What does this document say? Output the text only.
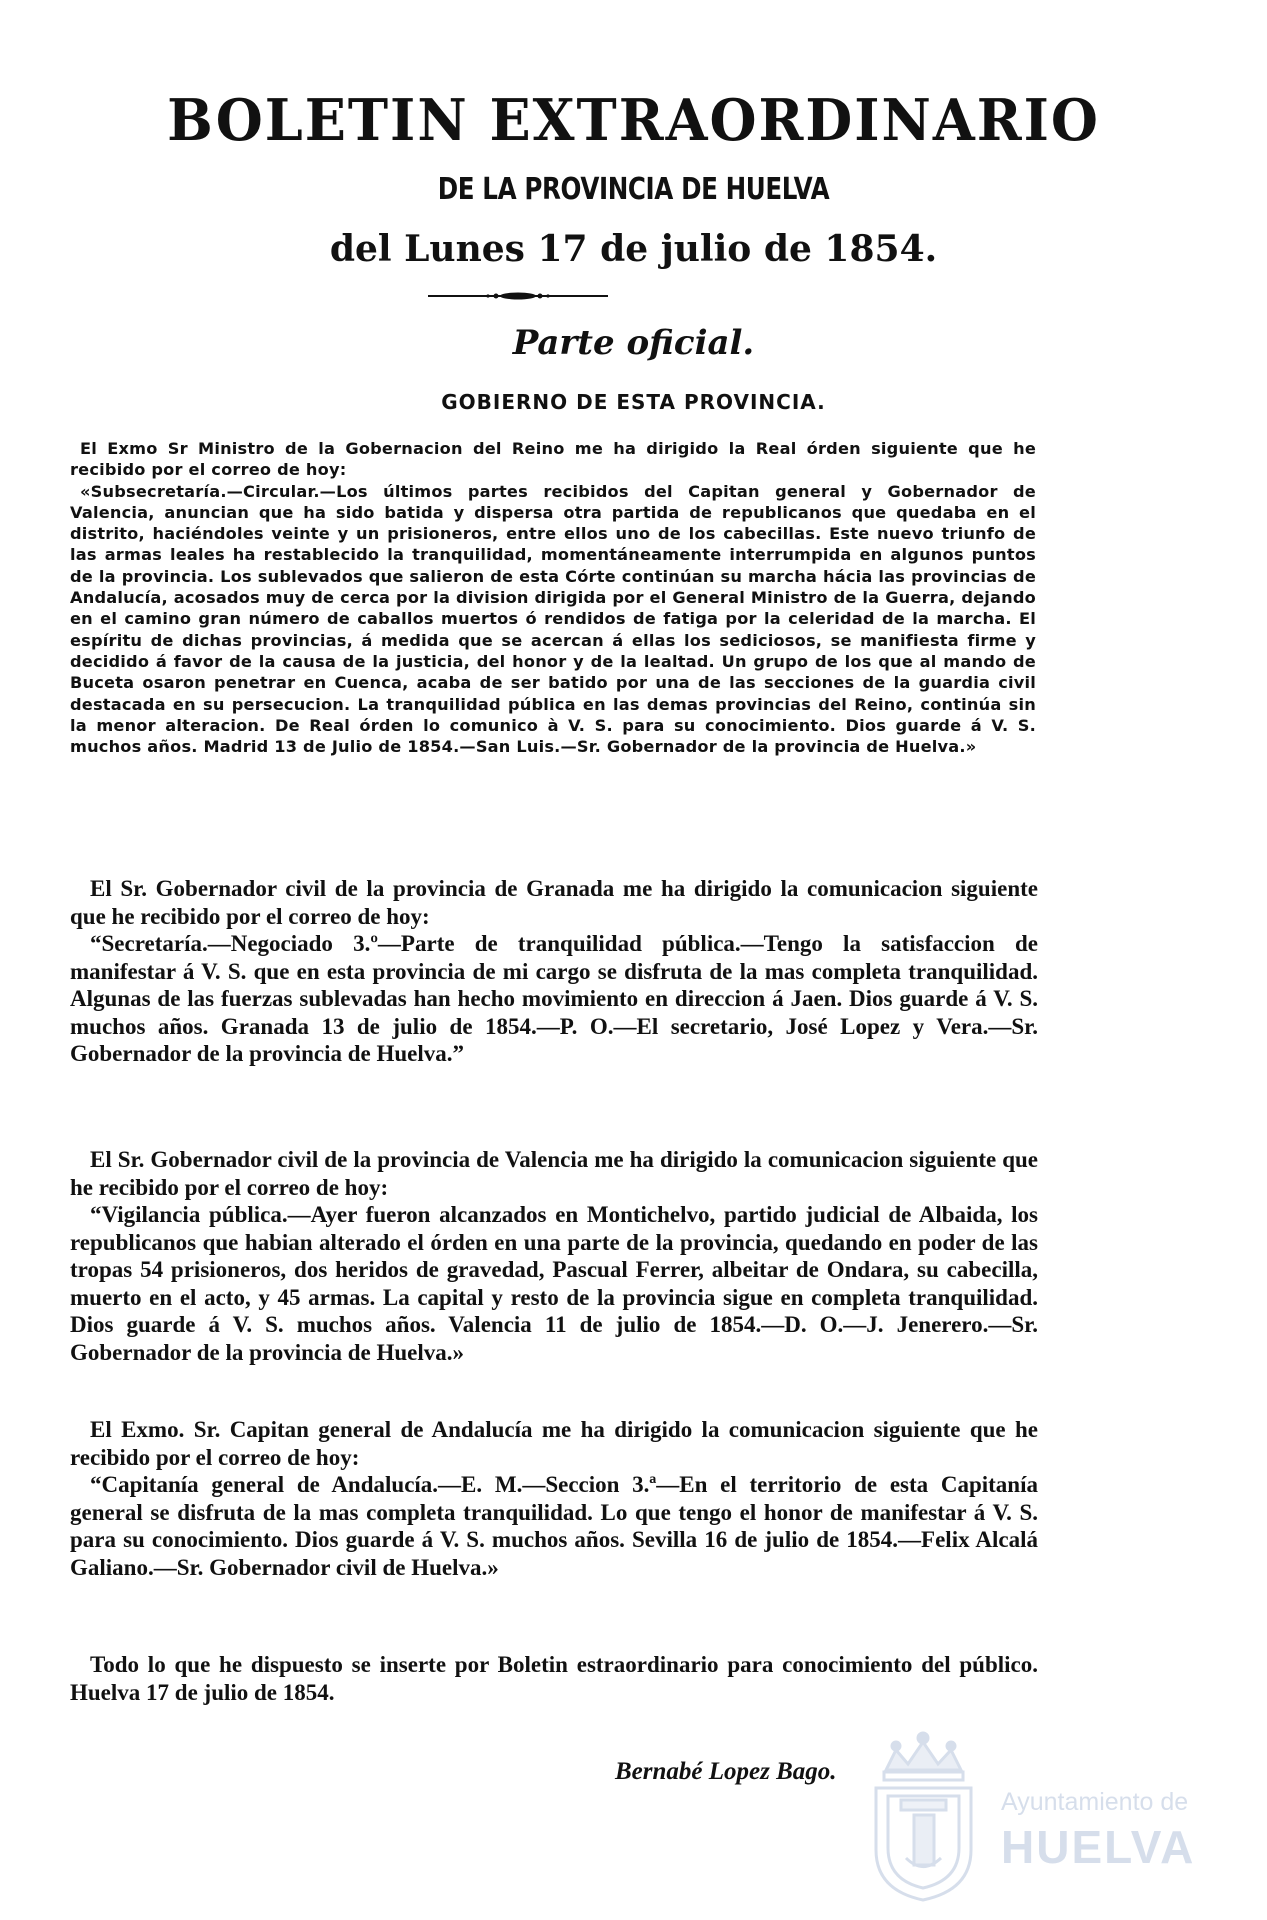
BOLETIN EXTRAORDINARIO
DE LA PROVINCIA DE HUELVA
del Lunes 17 de julio de 1854.
Parte oficial.
GOBIERNO DE ESTA PROVINCIA.

El Exmo Sr Ministro de la Gobernacion del Reino me ha dirigido la Real órden siguiente que he recibido por el correo de hoy:

«Subsecretaría.—Circular.—Los últimos partes recibidos del Capitan general y Gobernador de Valencia, anuncian que ha sido batida y dispersa otra partida de republicanos que quedaba en el distrito, haciéndoles veinte y un prisioneros, entre ellos uno de los cabecillas. Este nuevo triunfo de las armas leales ha restablecido la tranquilidad, momentáneamente interrumpida en algunos puntos de la provincia. Los sublevados que salieron de esta Córte continúan su marcha hácia las provincias de Andalucía, acosados muy de cerca por la division dirigida por el General Ministro de la Guerra, dejando en el camino gran número de caballos muertos ó rendidos de fatiga por la celeridad de la marcha. El espíritu de dichas provincias, á medida que se acercan á ellas los sediciosos, se manifiesta firme y decidido á favor de la causa de la justicia, del honor y de la lealtad. Un grupo de los que al mando de Buceta osaron penetrar en Cuenca, acaba de ser batido por una de las secciones de la guardia civil destacada en su persecucion. La tranquilidad pública en las demas provincias del Reino, continúa sin la menor alteracion. De Real órden lo comunico à V. S. para su conocimiento. Dios guarde á V. S. muchos años. Madrid 13 de Julio de 1854.—San Luis.—Sr. Gobernador de la provincia de Huelva.»

El Sr. Gobernador civil de la provincia de Granada me ha dirigido la comunicacion siguiente que he recibido por el correo de hoy:

“Secretaría.—Negociado 3.º—Parte de tranquilidad pública.—Tengo la satisfaccion de manifestar á V. S. que en esta provincia de mi cargo se disfruta de la mas completa tranquilidad. Algunas de las fuerzas sublevadas han hecho movimiento en direccion á Jaen. Dios guarde á V. S. muchos años. Granada 13 de julio de 1854.—P. O.—El secretario, José Lopez y Vera.—Sr. Gobernador de la provincia de Huelva.”

El Sr. Gobernador civil de la provincia de Valencia me ha dirigido la comunicacion siguiente que he recibido por el correo de hoy:

“Vigilancia pública.—Ayer fueron alcanzados en Montichelvo, partido judicial de Albaida, los republicanos que habian alterado el órden en una parte de la provincia, quedando en poder de las tropas 54 prisioneros, dos heridos de gravedad, Pascual Ferrer, albeitar de Ondara, su cabecilla, muerto en el acto, y 45 armas. La capital y resto de la provincia sigue en completa tranquilidad. Dios guarde á V. S. muchos años. Valencia 11 de julio de 1854.—D. O.—J. Jenerero.—Sr. Gobernador de la provincia de Huelva.»

El Exmo. Sr. Capitan general de Andalucía me ha dirigido la comunicacion siguiente que he recibido por el correo de hoy:

“Capitanía general de Andalucía.—E. M.—Seccion 3.ª—En el territorio de esta Capitanía general se disfruta de la mas completa tranquilidad. Lo que tengo el honor de manifestar á V. S. para su conocimiento. Dios guarde á V. S. muchos años. Sevilla 16 de julio de 1854.—Felix Alcalá Galiano.—Sr. Gobernador civil de Huelva.»

Todo lo que he dispuesto se inserte por Boletin estraordinario para conocimiento del público. Huelva 17 de julio de 1854.

Bernabé Lopez Bago.
Ayuntamiento de
HUELVA
